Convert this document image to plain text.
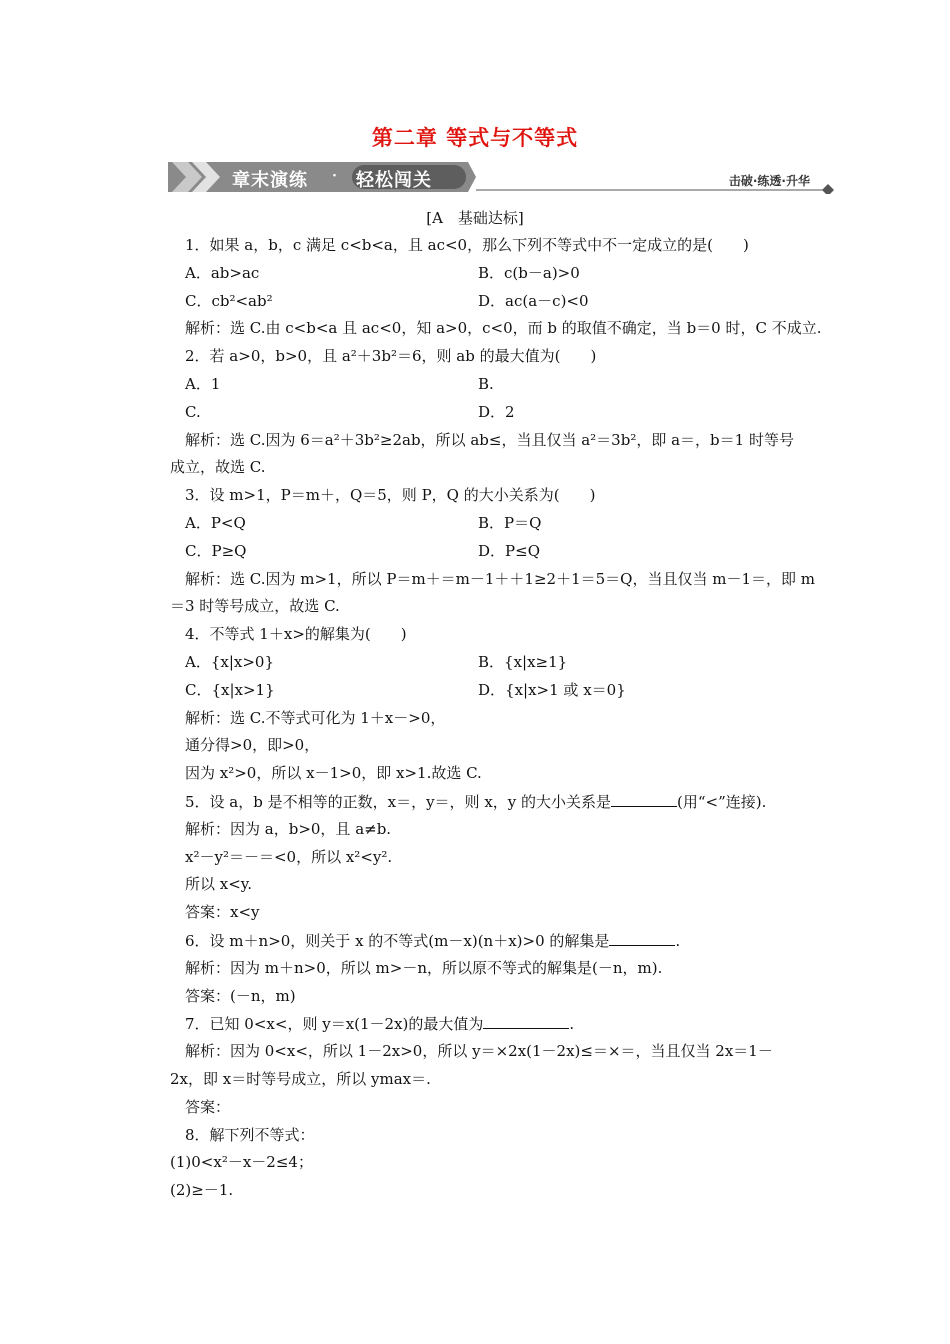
第二章 等式与不等式
章末演练 · 轻松闯关	击破·练透·升华
[A　基础达标]
1．如果 a，b，c 满足 c<b<a，且 ac<0，那么下列不等式中不一定成立的是(　　)
A．ab>ac	B．c(b－a)>0
C．cb²<ab²	D．ac(a－c)<0
解析：选 C.由 c<b<a 且 ac<0，知 a>0，c<0，而 b 的取值不确定，当 b＝0 时，C 不成立.
2．若 a>0，b>0，且 a²＋3b²＝6，则 ab 的最大值为(　　)
A．1	B.
C.	D．2
解析：选 C.因为 6＝a²＋3b²≥2ab，所以 ab≤，当且仅当 a²＝3b²，即 a＝，b＝1 时等号
成立，故选 C.
3．设 m>1，P＝m＋，Q＝5，则 P，Q 的大小关系为(　　)
A．P<Q	B．P＝Q
C．P≥Q	D．P≤Q
解析：选 C.因为 m>1，所以 P＝m＋＝m－1＋＋1≥2＋1＝5＝Q，当且仅当 m－1＝，即 m
＝3 时等号成立，故选 C.
4．不等式 1＋x>的解集为(　　)
A．{x|x>0}	B．{x|x≥1}
C．{x|x>1}	D．{x|x>1 或 x＝0}
解析：选 C.不等式可化为 1＋x－>0，
通分得>0，即>0，
因为 x²>0，所以 x－1>0，即 x>1.故选 C.
5．设 a，b 是不相等的正数，x＝，y＝，则 x，y 的大小关系是	(用“<”连接).
解析：因为 a，b>0，且 a≠b.
x²－y²＝－＝<0，所以 x²<y².
所以 x<y.
答案：x<y
6．设 m＋n>0，则关于 x 的不等式(m－x)(n＋x)>0 的解集是	.
解析：因为 m＋n>0，所以 m>－n，所以原不等式的解集是(－n，m).
答案：(－n，m)
7．已知 0<x<，则 y＝x(1－2x)的最大值为	.
解析：因为 0<x<，所以 1－2x>0，所以 y＝×2x(1－2x)≤＝×＝，当且仅当 2x＝1－
2x，即 x＝时等号成立，所以 ymax＝.
答案：
8．解下列不等式：
(1)0<x²－x－2≤4；
(2)≥－1.
